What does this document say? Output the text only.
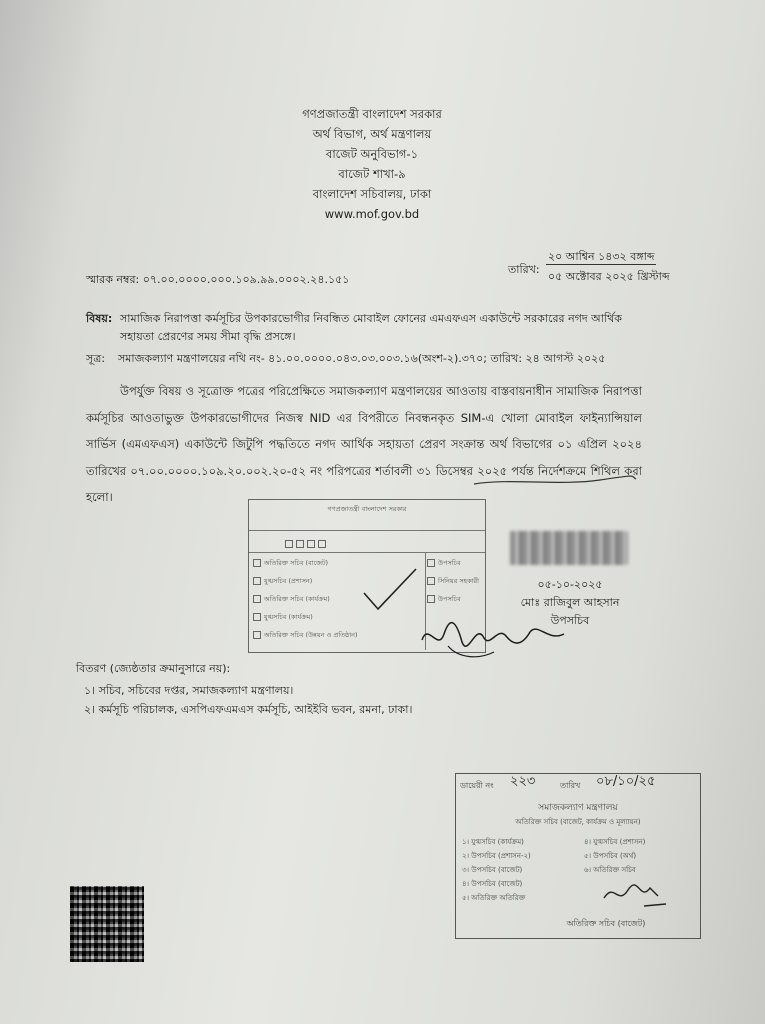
গণপ্রজাতন্ত্রী বাংলাদেশ সরকার
অর্থ বিভাগ, অর্থ মন্ত্রণালয়
বাজেট অনুবিভাগ-১
বাজেট শাখা-৯
বাংলাদেশ সচিবালয়, ঢাকা
www.mof.gov.bd
স্মারক নম্বর: ০৭.০০.০০০০.০০০.১০৯.৯৯.০০০২.২৪.১৫১
তারিখ:
২০ আশ্বিন ১৪৩২ বঙ্গাব্দ
০৫ অক্টোবর ২০২৫ খ্রিস্টাব্দ
বিষয়: সামাজিক নিরাপত্তা কর্মসূচির উপকারভোগীর নিবন্ধিত মোবাইল ফোনের এমএফএস একাউন্টে সরকারের নগদ আর্থিক
সহায়তা প্রেরণের সময় সীমা বৃদ্ধি প্রসঙ্গে।
সূত্র: সমাজকল্যাণ মন্ত্রণালয়ের নথি নং- ৪১.০০.০০০০.০৪৩.০৩.০০৩.১৬(অংশ-২).৩৭০; তারিখ: ২৪ আগস্ট ২০২৫
উপর্যুক্ত বিষয় ও সূত্রোক্ত পত্রের পরিপ্রেক্ষিতে সমাজকল্যাণ মন্ত্রণালয়ের আওতায় বাস্তবায়নাধীন সামাজিক নিরাপত্তা কর্মসূচির আওতাভুক্ত উপকারভোগীদের নিজস্ব NID এর বিপরীতে নিবন্ধনকৃত SIM-এ খোলা মোবাইল ফাইন্যান্সিয়াল সার্ভিস (এমএফএস) একাউন্টে জিটুপি পদ্ধতিতে নগদ আর্থিক সহায়তা প্রেরণ সংক্রান্ত অর্থ বিভাগের ০১ এপ্রিল ২০২৪ তারিখের ০৭.০০.০০০০.১০৯.২০.০০২.২০-৫২ নং পরিপত্রের শর্তাবলী ৩১ ডিসেম্বর ২০২৫ পর্যন্ত নির্দেশক্রমে শিথিল করা হলো।
গণপ্রজাতন্ত্রী বাংলাদেশ সরকার
অতিরিক্ত সচিব (বাজেট)
যুগ্মসচিব (প্রশাসন)
অতিরিক্ত সচিব (কার্যক্রম)
যুগ্মসচিব (কার্যক্রম)
অতিরিক্ত সচিব (উন্নয়ন ও প্রতিষ্ঠান)
উপসচিব
সিনিয়র সহকারী
উপসচিব
০৫-১০-২০২৫
মোঃ রাজিবুল আহসান
উপসচিব
বিতরণ (জ্যেষ্ঠতার ক্রমানুসারে নয়):
১। সচিব, সচিবের দপ্তর, সমাজকল্যাণ মন্ত্রণালয়।
২। কর্মসূচি পরিচালক, এসপিএফএমএস কর্মসূচি, আইইবি ভবন, রমনা, ঢাকা।
ডায়েরী নং ২২৩	তারিখ ০৮/১০/২৫
সমাজকল্যাণ মন্ত্রণালয়
অতিরিক্ত সচিব (বাজেট, কার্যক্রম ও মূল্যায়ন)
১। যুগ্মসচিব (কার্যক্রম)
২। উপসচিব (প্রশাসন-২)
৩। উপসচিব (বাজেট)
৪। উপসচিব (বাজেট)
৫। অতিরিক্ত অতিরিক্ত
৪। যুগ্মসচিব (প্রশাসন)
৫। উপসচিব (অর্থ)
৬। অতিরিক্ত সচিব
অতিরিক্ত সচিব (বাজেট)
